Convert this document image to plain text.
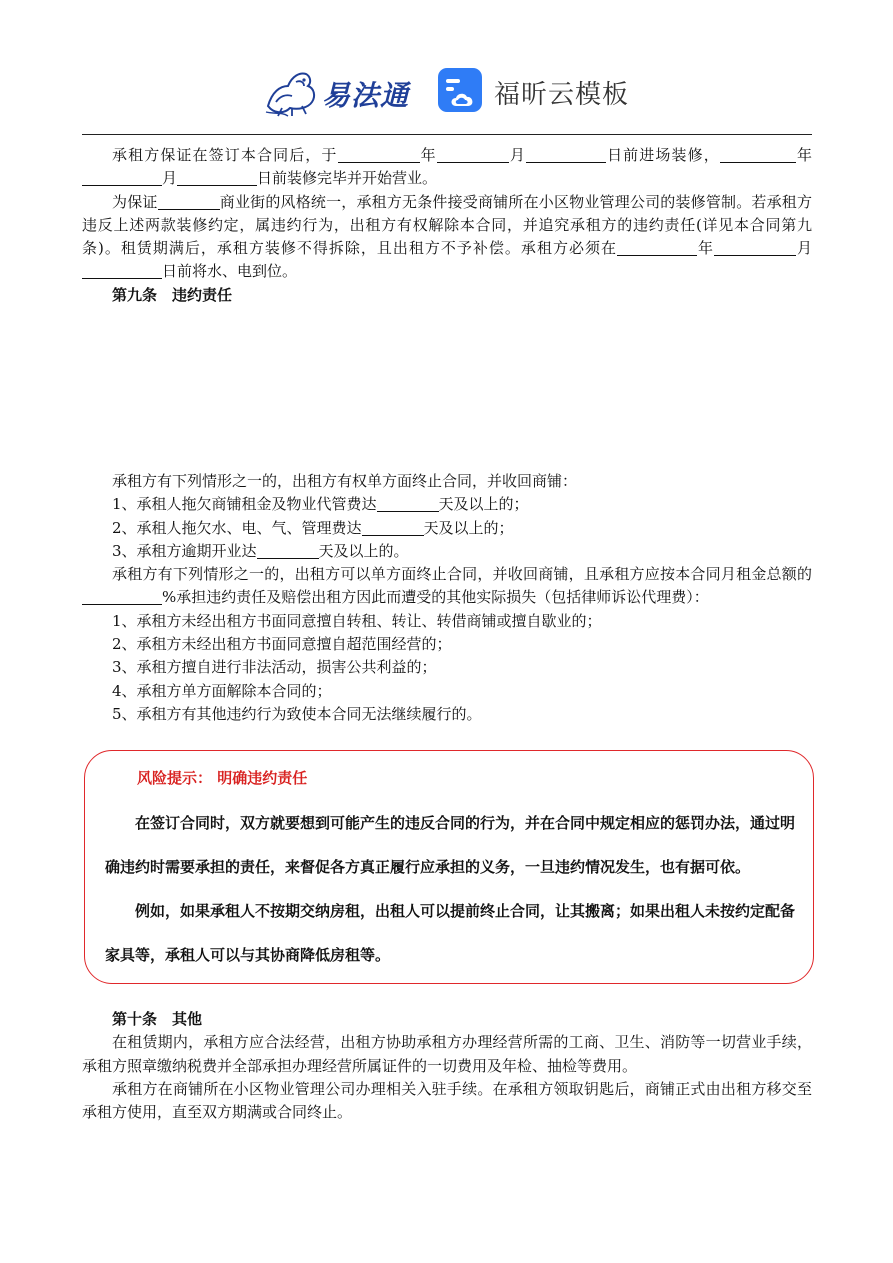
易法通	福昕云模板

承租方保证在签订本合同后，于	年	月	日前进场装修，	年月	日前装修完毕并开始营业。

为保证	商业街的风格统一，承租方无条件接受商铺所在小区物业管理公司的装修管制。若承租方违反上述两款装修约定，属违约行为，出租方有权解除本合同，并追究承租方的违约责任(详见本合同第九条)。租赁期满后，承租方装修不得拆除，且出租方不予补偿。承租方必须在	年	月日前将水、电到位。

第九条　违约责任

承租方有下列情形之一的，出租方有权单方面终止合同，并收回商铺：

1、承租人拖欠商铺租金及物业代管费达	天及以上的；

2、承租人拖欠水、电、气、管理费达	天及以上的；

3、承租方逾期开业达	天及以上的。

承租方有下列情形之一的，出租方可以单方面终止合同，并收回商铺，且承租方应按本合同月租金总额的%承担违约责任及赔偿出租方因此而遭受的其他实际损失（包括律师诉讼代理费）：

1、承租方未经出租方书面同意擅自转租、转让、转借商铺或擅自歇业的；

2、承租方未经出租方书面同意擅自超范围经营的；

3、承租方擅自进行非法活动，损害公共利益的；

4、承租方单方面解除本合同的；

5、承租方有其他违约行为致使本合同无法继续履行的。

风险提示： 明确违约责任

在签订合同时，双方就要想到可能产生的违反合同的行为，并在合同中规定相应的惩罚办法，通过明确违约时需要承担的责任，来督促各方真正履行应承担的义务，一旦违约情况发生，也有据可依。

例如，如果承租人不按期交纳房租，出租人可以提前终止合同，让其搬离；如果出租人未按约定配备家具等，承租人可以与其协商降低房租等。

第十条　其他

在租赁期内，承租方应合法经营，出租方协助承租方办理经营所需的工商、卫生、消防等一切营业手续，承租方照章缴纳税费并全部承担办理经营所属证件的一切费用及年检、抽检等费用。

承租方在商铺所在小区物业管理公司办理相关入驻手续。在承租方领取钥匙后，商铺正式由出租方移交至承租方使用，直至双方期满或合同终止。
